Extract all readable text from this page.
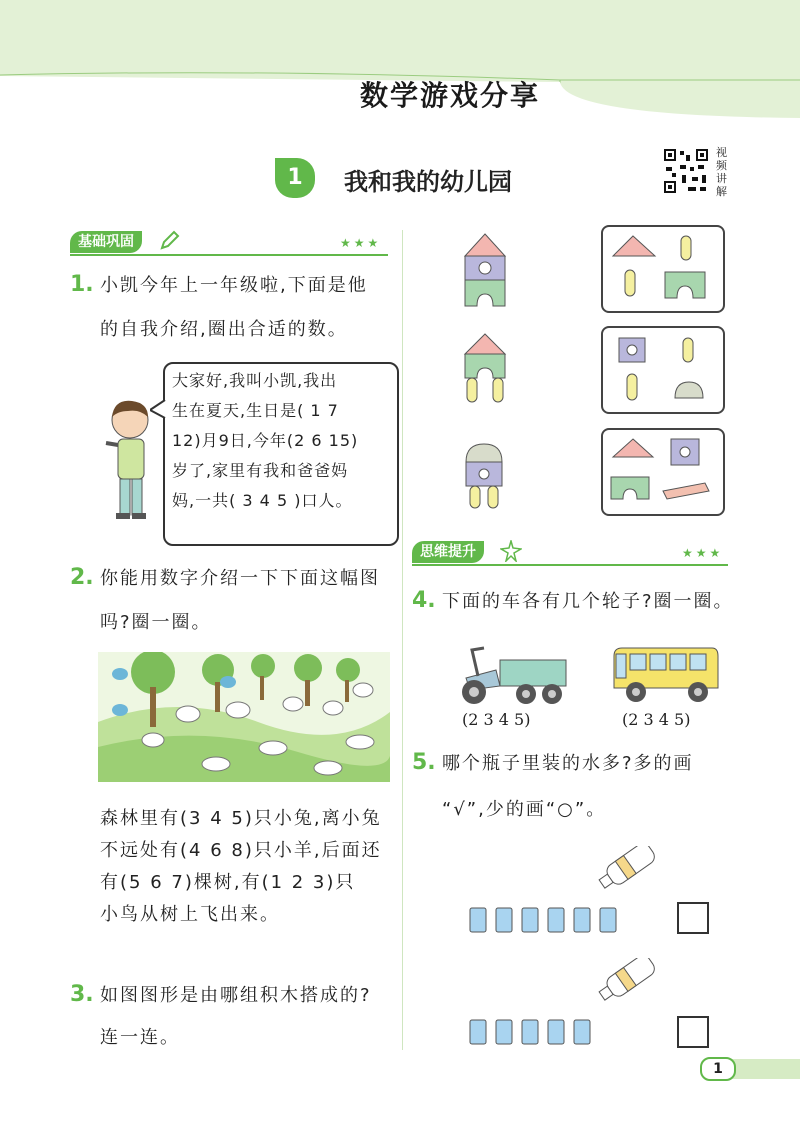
数学游戏分享
1	我和我的幼儿园
视频讲解
基础巩固	★★★
1. 小凯今年上一年级啦,下面是他
的自我介绍,圈出合适的数。
大家好,我叫小凯,我出
生在夏天,生日是( 1 7
12)月9日,今年(2 6 15)
岁了,家里有我和爸爸妈
妈,一共( 3 4 5 )口人。
2. 你能用数字介绍一下下面这幅图
吗?圈一圈。
森林里有(3 4 5)只小兔,离小兔
不远处有(4 6 8)只小羊,后面还
有(5 6 7)棵树,有(1 2 3)只
小鸟从树上飞出来。
3. 如图图形是由哪组积木搭成的?
连一连。
思维提升	★★★
4. 下面的车各有几个轮子?圈一圈。
(2 3 4 5)	(2 3 4 5)
5. 哪个瓶子里装的水多?多的画
“√”,少的画“○”。
1
